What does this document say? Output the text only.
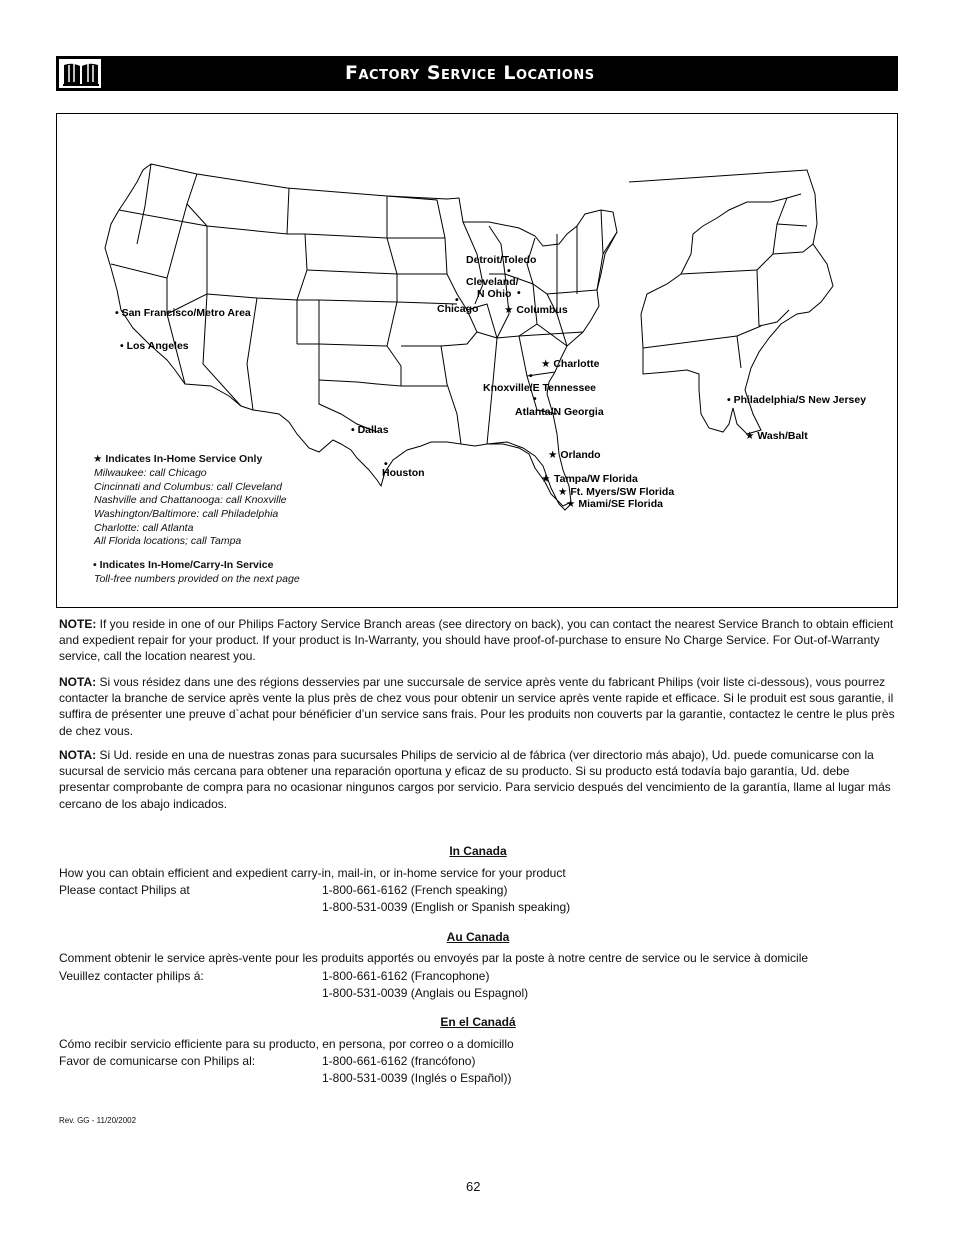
Factory Service Locations
Detroit/Toledo
•
Cleveland/
N Ohio •
• San Francisco/Metro Area
•
Chicago ★ Columbus
• Los Angeles
★ Charlotte
•
Knoxville/E Tennessee
•
Atlanta/N Georgia
• Philadelphia/S New Jersey
• Dallas	★ Wash/Balt
★ Orlando
•
Houston	★ Tampa/W Florida
★ Ft. Myers/SW Florida
★ Miami/SE Florida
★ Indicates In-Home Service Only
Milwaukee: call Chicago
Cincinnati and Columbus: call Cleveland
Nashville and Chattanooga: call Knoxville
Washington/Baltimore: call Philadelphia
Charlotte: call Atlanta
All Florida locations; call Tampa
• Indicates In-Home/Carry-In Service
Toll-free numbers provided on the next page
NOTE: If you reside in one of our Philips Factory Service Branch areas (see directory on back), you can contact the nearest Service Branch to obtain efficient and expedient repair for your product. If your product is In-Warranty, you should have proof-of-purchase to ensure No Charge Service. For Out-of-Warranty service, call the location nearest you.
NOTA: Si vous résidez dans une des régions desservies par une succursale de service après vente du fabricant Philips (voir liste ci-dessous), vous pourrez contacter la branche de service après vente la plus près de chez vous pour obtenir un service après vente rapide et efficace. Si le produit est sous garantie, il suffira de présenter une preuve d`achat pour bénéficier d’un service sans frais. Pour les produits non couverts par la garantie, contactez le centre le plus près de chez vous.
NOTA: Si Ud. reside en una de nuestras zonas para sucursales Philips de servicio al de fábrica (ver directorio más abajo), Ud. puede comunicarse con la sucursal de servicio más cercana para obtener una reparación oportuna y eficaz de su producto. Si su producto está todavía bajo garantía, Ud. debe presentar comprobante de compra para no ocasionar ningunos cargos por servicio. Para servicio después del vencimiento de la garantía, llame al lugar más cercano de los abajo indicados.
In Canada
How you can obtain efficient and expedient carry-in, mail-in, or in-home service for your product
Please contact Philips at	1-800-661-6162 (French speaking)
1-800-531-0039 (English or Spanish speaking)
Au Canada
Comment obtenir le service après-vente pour les produits apportés ou envoyés par la poste à notre centre de service ou le service à domicile
Veuillez contacter philips á:	1-800-661-6162 (Francophone)
1-800-531-0039 (Anglais ou Espagnol)
En el Canadá
Cómo recibir servicio efficiente para su producto, en persona, por correo o a domicillo
Favor de comunicarse con Philips al:	1-800-661-6162 (francófono)
1-800-531-0039 (Inglés o Español))
Rev. GG - 11/20/2002
62
